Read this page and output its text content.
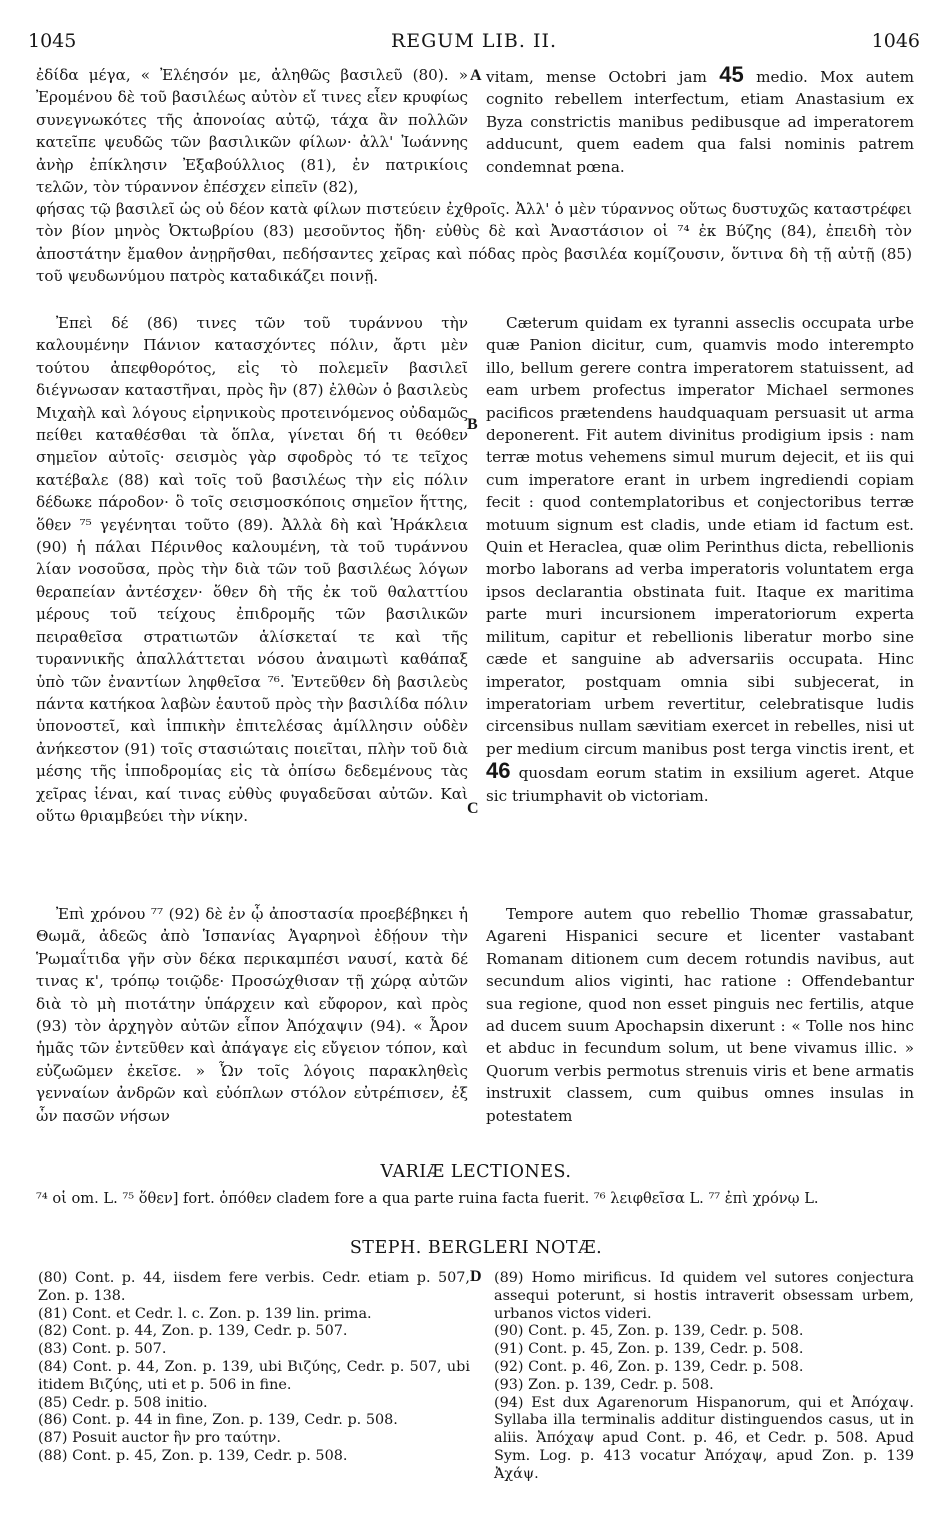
1045	REGUM LIB. II.	1046

ἐδίδα μέγα, « Ἐλέησόν με, ἀληθῶς βασιλεῦ (80). » Ἐρομένου δὲ τοῦ βασιλέως αὐτὸν εἴ τινες εἶεν κρυφίως συνεγνωκότες τῆς ἀπονοίας αὐτῷ, τάχα ἂν πολλῶν κατεῖπε ψευδῶς τῶν βασιλικῶν φίλων· ἀλλ' Ἰωάννης ἀνὴρ ἐπίκλησιν Ἐξαβούλλιος (81), ἐν πατρικίοις τελῶν, τὸν τύραννον ἐπέσχεν εἰπεῖν (82),

A vitam, mense Octobri jam 45 medio. Mox autem cognito rebellem interfectum, etiam Anastasium ex Byza constrictis manibus pedibusque ad imperatorem adducunt, quem eadem qua falsi nominis patrem condemnat pœna.

φήσας τῷ βασιλεῖ ὡς οὐ δέον κατὰ φίλων πιστεύειν ἐχθροῖς. Ἀλλ' ὁ μὲν τύραννος οὕτως δυστυχῶς καταστρέφει τὸν βίον μηνὸς Ὀκτωβρίου (83) μεσοῦντος ἤδη· εὐθὺς δὲ καὶ Ἀναστάσιον οἱ ⁷⁴ ἐκ Βύζης (84), ἐπειδὴ τὸν ἀποστάτην ἔμαθον ἀνῃρῆσθαι, πεδήσαντες χεῖρας καὶ πόδας πρὸς βασιλέα κομίζουσιν, ὅντινα δὴ τῇ αὐτῇ (85) τοῦ ψευδωνύμου πατρὸς καταδικάζει ποινῇ.

Ἐπεὶ δέ (86) τινες τῶν τοῦ τυράννου τὴν καλουμένην Πάνιον κατασχόντες πόλιν, ἄρτι μὲν τούτου ἀπεφθορότος, εἰς τὸ πολεμεῖν βασιλεῖ διέγνωσαν καταστῆναι, πρὸς ἣν (87) ἐλθὼν ὁ βασιλεὺς Μιχαὴλ καὶ λόγους εἰρηνικοὺς προτεινόμενος οὐδαμῶς πείθει καταθέσθαι τὰ ὅπλα, γίνεται δή τι θεόθεν σημεῖον αὐτοῖς· σεισμὸς γὰρ σφοδρὸς τό τε τεῖχος κατέβαλε (88) καὶ τοῖς τοῦ βασιλέως τὴν εἰς πόλιν δέδωκε πάροδον· ὃ τοῖς σεισμοσκόποις σημεῖον ἥττης, ὅθεν ⁷⁵ γεγένηται τοῦτο (89). Ἀλλὰ δὴ καὶ Ἡράκλεια (90) ἡ πάλαι Πέρινθος καλουμένη, τὰ τοῦ τυράννου λίαν νοσοῦσα, πρὸς τὴν διὰ τῶν τοῦ βασιλέως λόγων θεραπείαν ἀντέσχεν· ὅθεν δὴ τῆς ἐκ τοῦ θαλαττίου μέρους τοῦ τείχους ἐπιδρομῆς τῶν βασιλικῶν πειραθεῖσα στρατιωτῶν ἁλίσκεταί τε καὶ τῆς τυραννικῆς ἀπαλλάττεται νόσου ἀναιμωτὶ καθάπαξ ὑπὸ τῶν ἐναντίων ληφθεῖσα ⁷⁶. Ἐντεῦθεν δὴ βασιλεὺς πάντα κατήκοα λαβὼν ἑαυτοῦ πρὸς τὴν βασιλίδα πόλιν ὑπονοστεῖ, καὶ ἱππικὴν ἐπιτελέσας ἁμίλλησιν οὐδὲν ἀνήκεστον (91) τοῖς στασιώταις ποιεῖται, πλὴν τοῦ διὰ μέσης τῆς ἱπποδρομίας εἰς τὰ ὀπίσω δεδεμένους τὰς χεῖρας ἰέναι, καί τινας εὐθὺς φυγαδεῦσαι αὐτῶν. Καὶ οὕτω θριαμβεύει τὴν νίκην.

B
C

Cæterum quidam ex tyranni asseclis occupata urbe quæ Panion dicitur, cum, quamvis modo interempto illo, bellum gerere contra imperatorem statuissent, ad eam urbem profectus imperator Michael sermones pacificos prætendens haudquaquam persuasit ut arma deponerent. Fit autem divinitus prodigium ipsis : nam terræ motus vehemens simul murum dejecit, et iis qui cum imperatore erant in urbem ingrediendi copiam fecit : quod contemplatoribus et conjectoribus terræ motuum signum est cladis, unde etiam id factum est. Quin et Heraclea, quæ olim Perinthus dicta, rebellionis morbo laborans ad verba imperatoris voluntatem erga ipsos declarantia obstinata fuit. Itaque ex maritima parte muri incursionem imperatoriorum experta militum, capitur et rebellionis liberatur morbo sine cæde et sanguine ab adversariis occupata. Hinc imperator, postquam omnia sibi subjecerat, in imperatoriam urbem revertitur, celebratisque ludis circensibus nullam sævitiam exercet in rebelles, nisi ut per medium circum manibus post terga vinctis irent, et 46 quosdam eorum statim in exsilium ageret. Atque sic triumphavit ob victoriam.

Ἐπὶ χρόνου ⁷⁷ (92) δὲ ἐν ᾧ ἀποστασία προεβέβηκει ἡ Θωμᾶ, ἀδεῶς ἀπὸ Ἱσπανίας Ἀγαρηνοὶ ἐδῄουν τὴν Ῥωμαΐτιδα γῆν σὺν δέκα περικαμπέσι ναυσί, κατὰ δέ τινας κ', τρόπῳ τοιῷδε· Προσώχθισαν τῇ χώρᾳ αὐτῶν διὰ τὸ μὴ πιοτάτην ὑπάρχειν καὶ εὔφορον, καὶ πρὸς (93) τὸν ἀρχηγὸν αὐτῶν εἶπον Ἀπόχαψιν (94). « Ἆρον ἡμᾶς τῶν ἐντεῦθεν καὶ ἀπάγαγε εἰς εὔγειον τόπον, καὶ εὐζωῶμεν ἐκεῖσε. » Ὧν τοῖς λόγοις παρακληθεὶς γενναίων ἀνδρῶν καὶ εὐόπλων στόλον εὐτρέπισεν, ἐξ ὧν πασῶν νήσων

Tempore autem quo rebellio Thomæ grassabatur, Agareni Hispanici secure et licenter vastabant Romanam ditionem cum decem rotundis navibus, aut secundum alios viginti, hac ratione : Offendebantur sua regione, quod non esset pinguis nec fertilis, atque ad ducem suum Apochapsin dixerunt : « Tolle nos hinc et abduc in fecundum solum, ut bene vivamus illic. » Quorum verbis permotus strenuis viris et bene armatis instruxit classem, cum quibus omnes insulas in potestatem

VARIÆ LECTIONES.
⁷⁴ οἱ om. L. ⁷⁵ ὅθεν] fort. ὁπόθεν cladem fore a qua parte ruina facta fuerit. ⁷⁶ λειφθεῖσα L. ⁷⁷ ἐπὶ χρόνῳ L.
STEPH. BERGLERI NOTÆ.
D
(80) Cont. p. 44, iisdem fere verbis. Cedr. etiam p. 507, Zon. p. 138.
(81) Cont. et Cedr. l. c. Zon. p. 139 lin. prima.
(82) Cont. p. 44, Zon. p. 139, Cedr. p. 507.
(83) Cont. p. 507.
(84) Cont. p. 44, Zon. p. 139, ubi Βιζύης, Cedr. p. 507, ubi itidem Βιζύης, uti et p. 506 in fine.
(85) Cedr. p. 508 initio.
(86) Cont. p. 44 in fine, Zon. p. 139, Cedr. p. 508.
(87) Posuit auctor ἣν pro ταύτην.
(88) Cont. p. 45, Zon. p. 139, Cedr. p. 508.
(89) Homo mirificus. Id quidem vel sutores conjectura assequi poterunt, si hostis intraverit obsessam urbem, urbanos victos videri.
(90) Cont. p. 45, Zon. p. 139, Cedr. p. 508.
(91) Cont. p. 45, Zon. p. 139, Cedr. p. 508.
(92) Cont. p. 46, Zon. p. 139, Cedr. p. 508.
(93) Zon. p. 139, Cedr. p. 508.
(94) Est dux Agarenorum Hispanorum, qui et Ἀπόχαψ. Syllaba illa terminalis additur distinguendos casus, ut in aliis. Ἀπόχαψ apud Cont. p. 46, et Cedr. p. 508. Apud Sym. Log. p. 413 vocatur Ἀπόχαψ, apud Zon. p. 139 Ἀχάψ.
